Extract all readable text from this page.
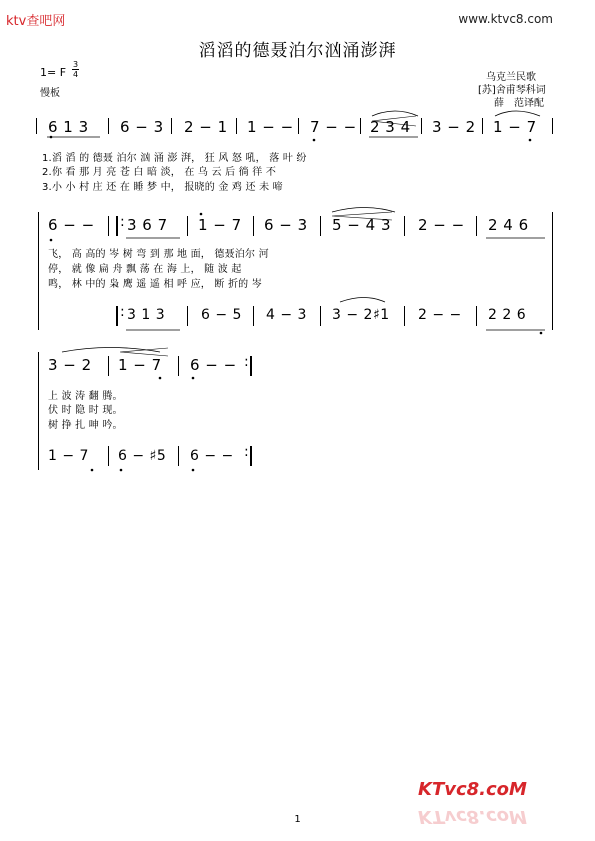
ktv查吧网	www.ktvc8.com
滔滔的德聂泊尔汹涌澎湃
乌克兰民歌
[苏]舍甫琴科词
薛　范译配
1= F
3
4
慢板
6 1 3 6 − 3 2 − 1 1 − − 7 − − 2 3 4 3 − 2 1 − 7
1.滔 滔 的 德聂 泊尔 汹 涌 澎 湃， 狂 风 怒 吼， 落 叶 纷
2.你 看 那 月 亮 苍 白 暗 淡， 在 乌 云 后 徜 徉 不
3.小 小 村 庄 还 在 睡 梦 中， 报晓的 金 鸡 还 未 啼
:
6 − − 3 6 7 1 − 7 6 − 3 5 − 4 3 2 − − 2 4 6
飞， 高 高的 岑 树 弯 到 那 地 面， 德聂泊尔 河
停， 就 像 扁 舟 飘 荡 在 海 上， 随 波 起
鸣， 林 中的 枭 鹰 遥 遥 相 呼 应， 断 折的 岑
: 3 1 3	6 − 5 4 − 3 3 − 2♯1 2 − − 2 2 6
:
3 − 2 1 − 7 6 − −
上 波 涛 翻 腾。
伏 时 隐 时 现。
树 挣 扎 呻 吟。
:
1 − 7 6 − ♯5 6 − −
KTvc8.coM
KTvc8.coM
1
